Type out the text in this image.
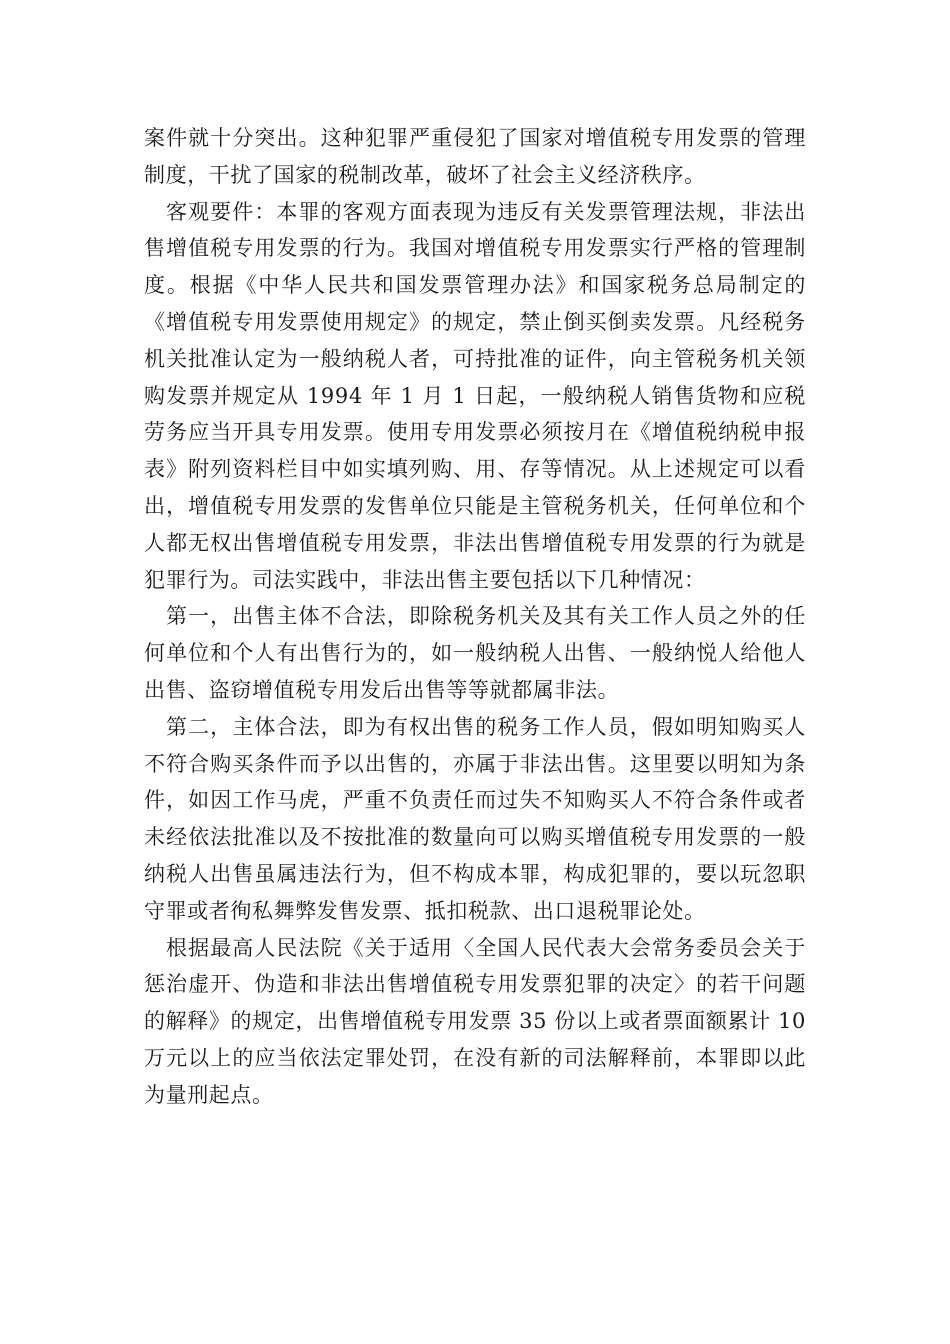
案件就十分突出。这种犯罪严重侵犯了国家对增值税专用发票的管理制度，干扰了国家的税制改革，破坏了社会主义经济秩序。

客观要件：本罪的客观方面表现为违反有关发票管理法规，非法出售增值税专用发票的行为。我国对增值税专用发票实行严格的管理制度。根据《中华人民共和国发票管理办法》和国家税务总局制定的《增值税专用发票使用规定》的规定，禁止倒买倒卖发票。凡经税务机关批准认定为一般纳税人者，可持批准的证件，向主管税务机关领购发票并规定从 1994 年 1 月 1 日起，一般纳税人销售货物和应税劳务应当开具专用发票。使用专用发票必须按月在《增值税纳税申报表》附列资料栏目中如实填列购、用、存等情况。从上述规定可以看出，增值税专用发票的发售单位只能是主管税务机关，任何单位和个人都无权出售增值税专用发票，非法出售增值税专用发票的行为就是犯罪行为。司法实践中，非法出售主要包括以下几种情况：

第一，出售主体不合法，即除税务机关及其有关工作人员之外的任何单位和个人有出售行为的，如一般纳税人出售、一般纳悦人给他人出售、盗窃增值税专用发后出售等等就都属非法。

第二，主体合法，即为有权出售的税务工作人员，假如明知购买人不符合购买条件而予以出售的，亦属于非法出售。这里要以明知为条件，如因工作马虎，严重不负责任而过失不知购买人不符合条件或者未经依法批准以及不按批准的数量向可以购买增值税专用发票的一般纳税人出售虽属违法行为，但不构成本罪，构成犯罪的，要以玩忽职守罪或者徇私舞弊发售发票、抵扣税款、出口退税罪论处。

根据最高人民法院《关于适用〈全国人民代表大会常务委员会关于惩治虚开、伪造和非法出售增值税专用发票犯罪的决定〉的若干问题的解释》的规定，出售增值税专用发票 35 份以上或者票面额累计 10 万元以上的应当依法定罪处罚，在没有新的司法解释前，本罪即以此为量刑起点。
